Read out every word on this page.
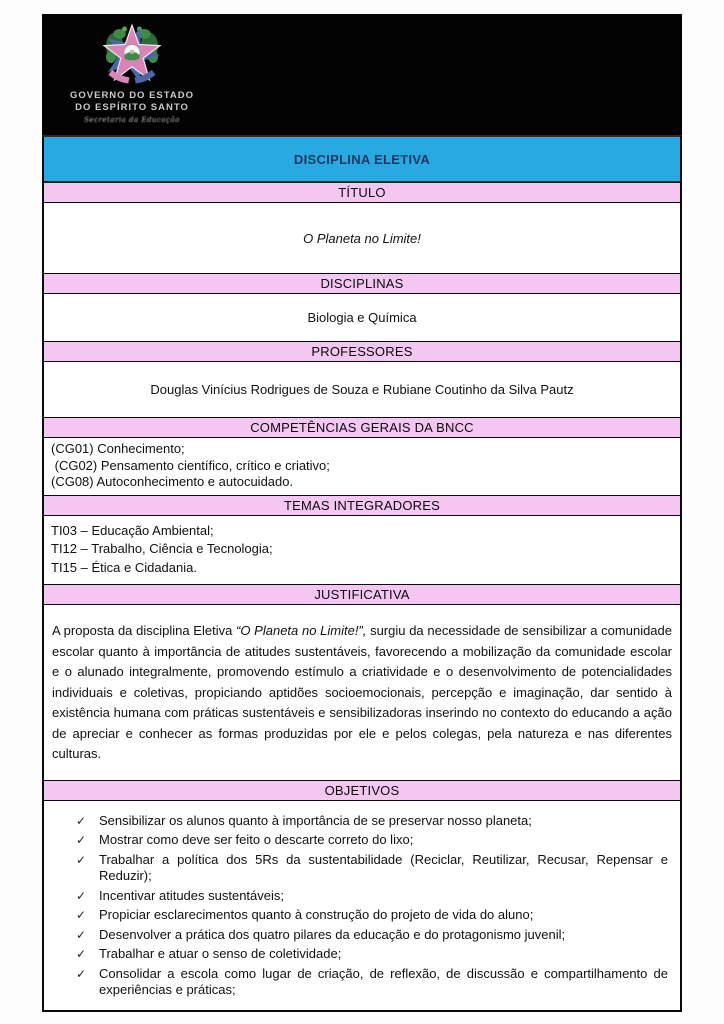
GOVERNO DO ESTADO
DO ESPÍRITO SANTO
Secretaria da Educação
DISCIPLINA ELETIVA
TÍTULO
O Planeta no Limite!
DISCIPLINAS
Biologia e Química
PROFESSORES
Douglas Vinícius Rodrigues de Souza e Rubiane Coutinho da Silva Pautz
COMPETÊNCIAS GERAIS DA BNCC
(CG01) Conhecimento;
(CG02) Pensamento científico, crítico e criativo;
(CG08) Autoconhecimento e autocuidado.
TEMAS INTEGRADORES
TI03 – Educação Ambiental;
TI12 – Trabalho, Ciência e Tecnologia;
TI15 – Ética e Cidadania.
JUSTIFICATIVA
A proposta da disciplina Eletiva “O Planeta no Limite!”, surgiu da necessidade de sensibilizar a comunidade escolar quanto à importância de atitudes sustentáveis, favorecendo a mobilização da comunidade escolar e o alunado integralmente, promovendo estímulo a criatividade e o desenvolvimento de potencialidades individuais e coletivas, propiciando aptidões socioemocionais, percepção e imaginação, dar sentido à existência humana com práticas sustentáveis e sensibilizadoras inserindo no contexto do educando a ação de apreciar e conhecer as formas produzidas por ele e pelos colegas, pela natureza e nas diferentes culturas.
OBJETIVOS
✓ Sensibilizar os alunos quanto à importância de se preservar nosso planeta;
✓ Mostrar como deve ser feito o descarte correto do lixo;
✓ Trabalhar a política dos 5Rs da sustentabilidade (Reciclar, Reutilizar, Recusar, Repensar e Reduzir);
✓ Incentivar atitudes sustentáveis;
✓ Propiciar esclarecimentos quanto à construção do projeto de vida do aluno;
✓ Desenvolver a prática dos quatro pilares da educação e do protagonismo juvenil;
✓ Trabalhar e atuar o senso de coletividade;
✓ Consolidar a escola como lugar de criação, de reflexão, de discussão e compartilhamento de experiências e práticas;
